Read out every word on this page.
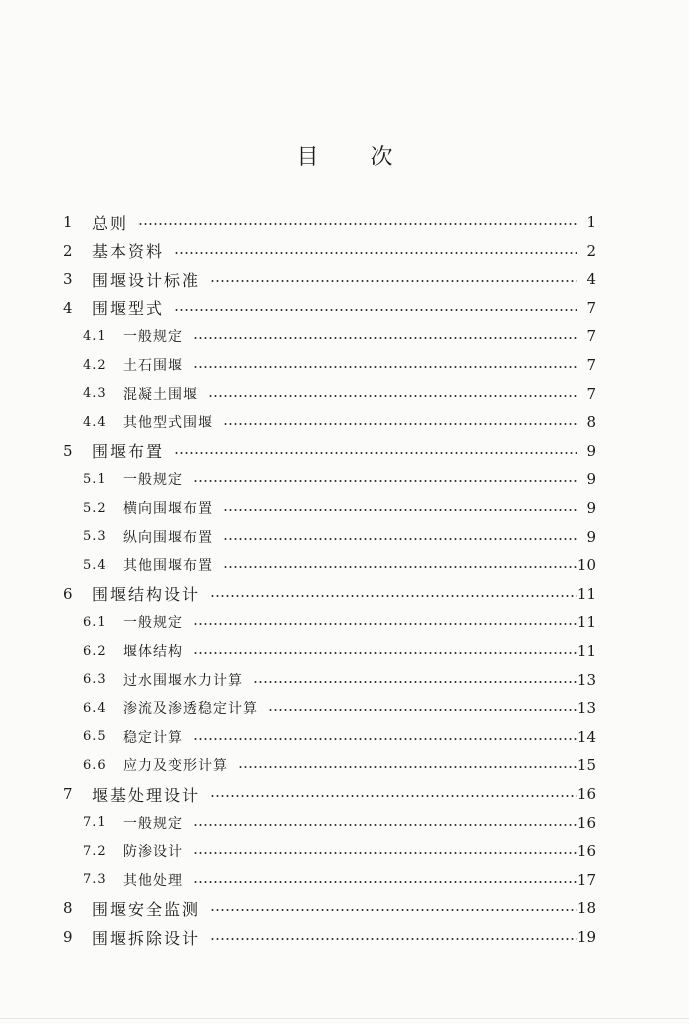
目 次
1 总则	1
2 基本资料	2
3 围堰设计标准	4
4 围堰型式	7
4.1 一般规定	7
4.2 土石围堰	7
4.3 混凝土围堰	7
4.4 其他型式围堰	8
5 围堰布置	9
5.1 一般规定	9
5.2 横向围堰布置	9
5.3 纵向围堰布置	9
5.4 其他围堰布置	10
6 围堰结构设计	11
6.1 一般规定	11
6.2 堰体结构	11
6.3 过水围堰水力计算	13
6.4 渗流及渗透稳定计算	13
6.5 稳定计算	14
6.6 应力及变形计算	15
7 堰基处理设计	16
7.1 一般规定	16
7.2 防渗设计	16
7.3 其他处理	17
8 围堰安全监测	18
9 围堰拆除设计	19
